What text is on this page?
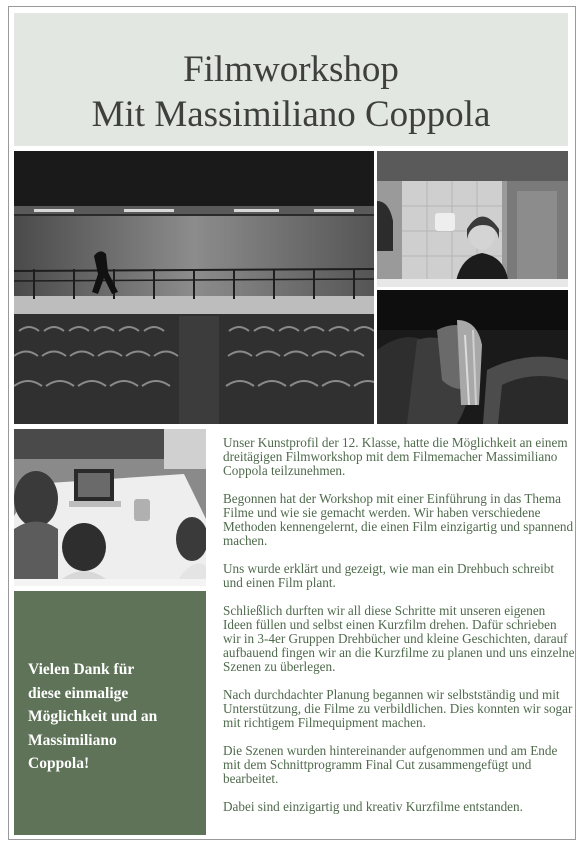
Filmworkshop
Mit Massimiliano Coppola
Vielen Dank für
diese einmalige
Möglichkeit und an
Massimiliano
Coppola!

Unser Kunstprofil der 12. Klasse, hatte die Möglichkeit an einem dreitägigen Filmworkshop mit dem Filmemacher Massimiliano Coppola teilzunehmen.

Begonnen hat der Workshop mit einer Einführung in das Thema Filme und wie sie gemacht werden. Wir haben verschiedene Methoden kennengelernt, die einen Film einzigartig und spannend machen.

Uns wurde erklärt und gezeigt, wie man ein Drehbuch schreibt und einen Film plant.

Schließlich durften wir all diese Schritte mit unseren eigenen Ideen füllen und selbst einen Kurzfilm drehen. Dafür schrieben wir in 3-4er Gruppen Drehbücher und kleine Geschichten, darauf aufbauend fingen wir an die Kurzfilme zu planen und uns einzelne Szenen zu überlegen.

Nach durchdachter Planung begannen wir selbstständig und mit Unterstützung, die Filme zu verbildlichen. Dies konnten wir sogar mit richtigem Filmequipment machen.

Die Szenen wurden hintereinander aufgenommen und am Ende mit dem Schnittprogramm Final Cut zusammengefügt und bearbeitet.

Dabei sind einzigartig und kreativ Kurzfilme entstanden.
